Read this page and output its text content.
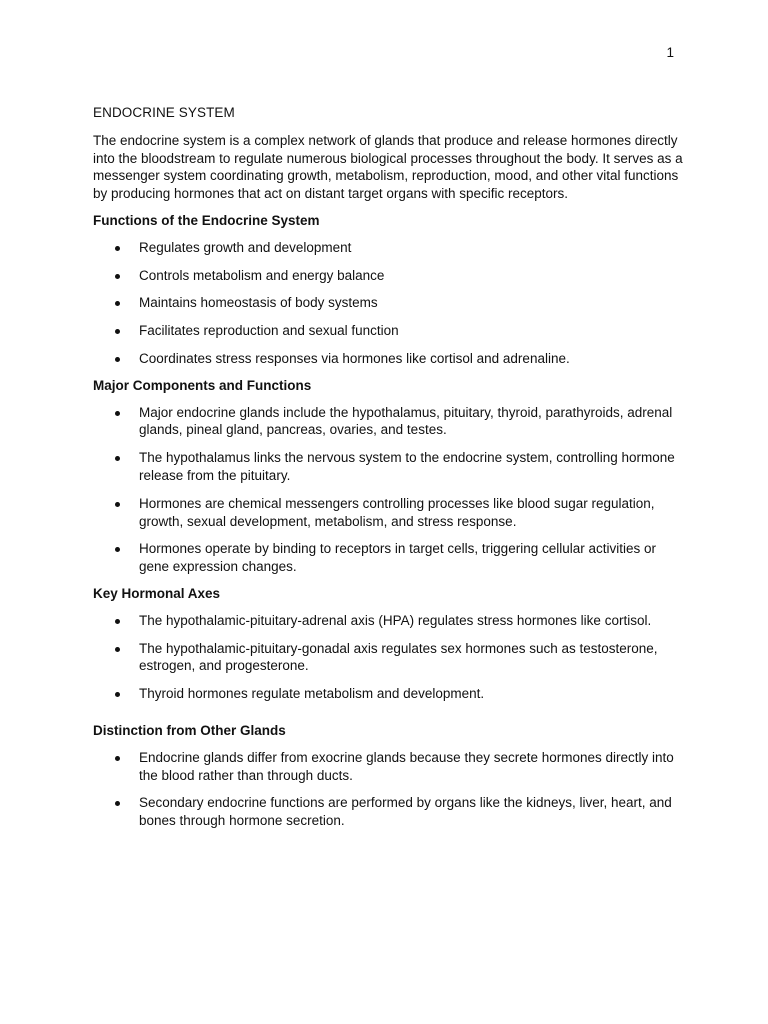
1
ENDOCRINE SYSTEM

The endocrine system is a complex network of glands that produce and release hormones directly into the bloodstream to regulate numerous biological processes throughout the body. It serves as a messenger system coordinating growth, metabolism, reproduction, mood, and other vital functions by producing hormones that act on distant target organs with specific receptors.

Functions of the Endocrine System
Regulates growth and development
Controls metabolism and energy balance
Maintains homeostasis of body systems
Facilitates reproduction and sexual function
Coordinates stress responses via hormones like cortisol and adrenaline.
Major Components and Functions
Major endocrine glands include the hypothalamus, pituitary, thyroid, parathyroids, adrenal glands, pineal gland, pancreas, ovaries, and testes.
The hypothalamus links the nervous system to the endocrine system, controlling hormone release from the pituitary.
Hormones are chemical messengers controlling processes like blood sugar regulation, growth, sexual development, metabolism, and stress response.
Hormones operate by binding to receptors in target cells, triggering cellular activities or gene expression changes.
Key Hormonal Axes
The hypothalamic-pituitary-adrenal axis (HPA) regulates stress hormones like cortisol.
The hypothalamic-pituitary-gonadal axis regulates sex hormones such as testosterone, estrogen, and progesterone.
Thyroid hormones regulate metabolism and development.
Distinction from Other Glands
Endocrine glands differ from exocrine glands because they secrete hormones directly into the blood rather than through ducts.
Secondary endocrine functions are performed by organs like the kidneys, liver, heart, and bones through hormone secretion.
